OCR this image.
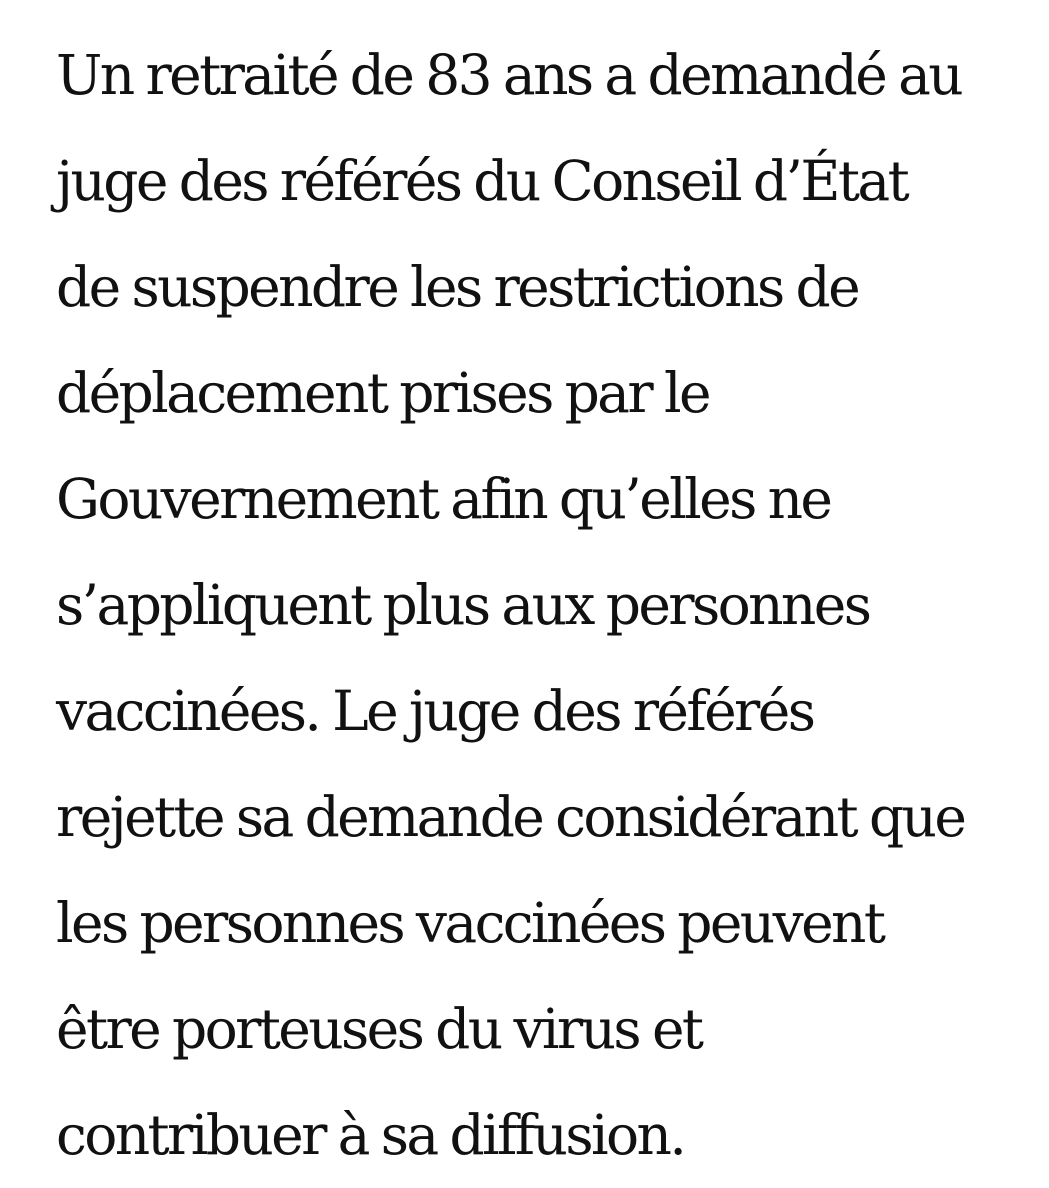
Un retraité de 83 ans a demandé au
juge des référés du Conseil d’État
de suspendre les restrictions de
déplacement prises par le
Gouvernement afin qu’elles ne
s’appliquent plus aux personnes
vaccinées. Le juge des référés
rejette sa demande considérant que
les personnes vaccinées peuvent
être porteuses du virus et
contribuer à sa diffusion.
